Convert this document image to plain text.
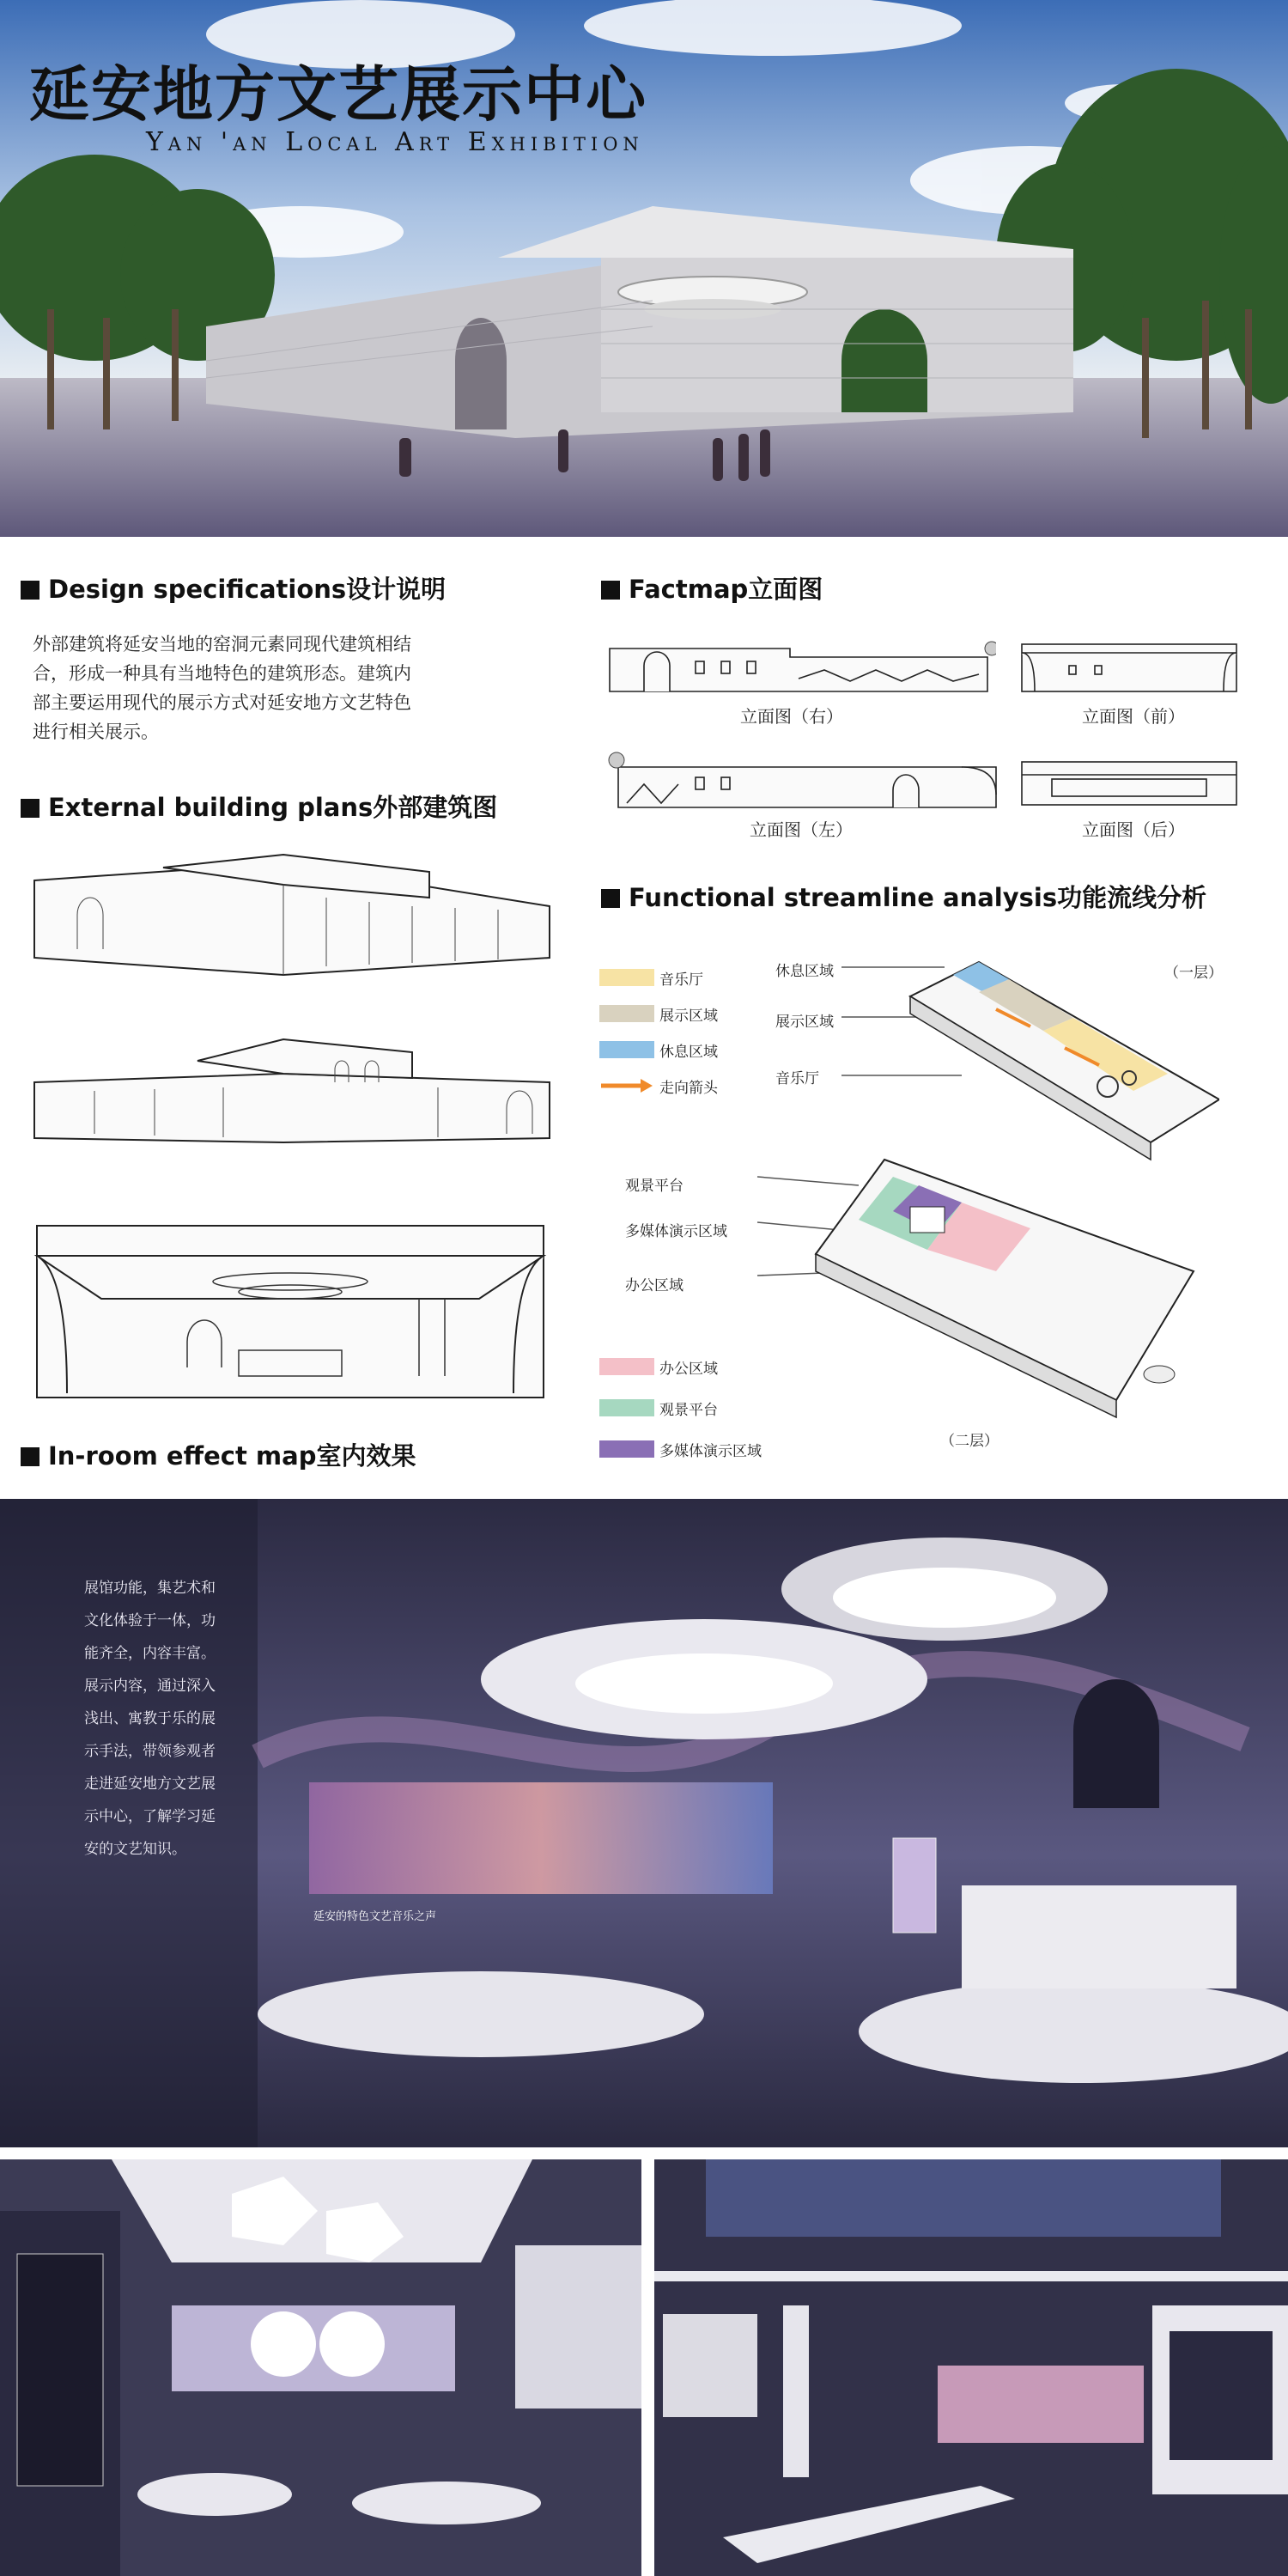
延安地方文艺展示中心
Yan 'an Local Art Exhibition
Design specifications设计说明
外部建筑将延安当地的窑洞元素同现代建筑相结
合，形成一种具有当地特色的建筑形态。建筑内
部主要运用现代的展示方式对延安地方文艺特色
进行相关展示。
External building plans外部建筑图
Factmap立面图
立面图（右）	立面图（前）
立面图（左）	立面图（后）
Functional streamline analysis功能流线分析
音乐厅
展示区域
休息区域
走向箭头
休息区域
展示区域
音乐厅
（一层）
观景平台
多媒体演示区域
办公区域
办公区域
观景平台
多媒体演示区域
（二层）
In-room effect map室内效果
展馆功能，集艺术和
文化体验于一体，功
能齐全，内容丰富。
展示内容，通过深入
浅出、寓教于乐的展
示手法，带领参观者
走进延安地方文艺展
示中心，了解学习延
安的文艺知识。
延安的特色文艺音乐之声
